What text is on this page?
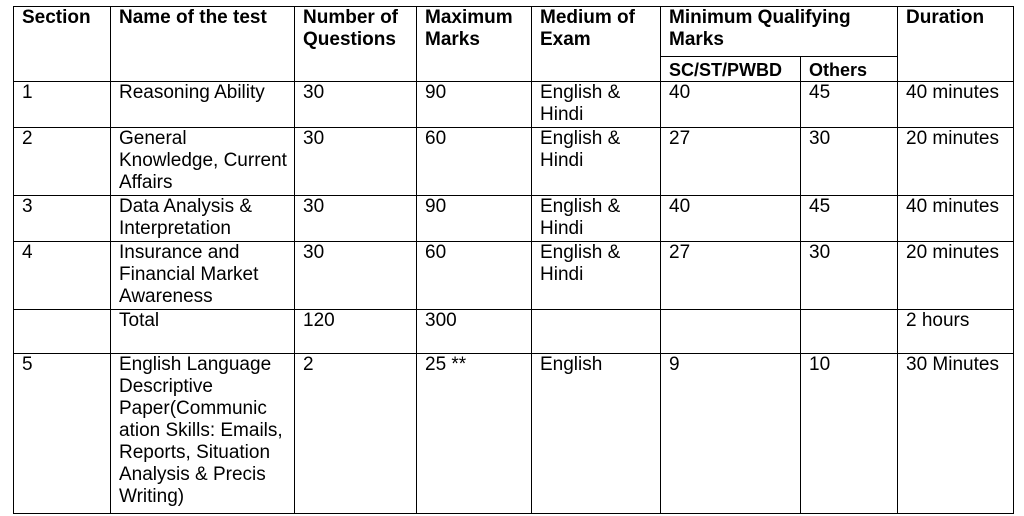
Section	Name of the test	Number of Questions	Maximum Marks	Medium of Exam	Minimum Qualifying Marks		Duration
					SC/ST/PWBD	Others	
1	Reasoning Ability	30	90	English & Hindi	40	45	40 minutes
2	General Knowledge, Current Affairs	30	60	English & Hindi	27	30	20 minutes
3	Data Analysis & Interpretation	30	90	English & Hindi	40	45	40 minutes
4	Insurance and Financial Market Awareness	30	60	English & Hindi	27	30	20 minutes
	Total	120	300				2 hours
5	English Language Descriptive Paper(Communic ation Skills: Emails, Reports, Situation Analysis & Precis Writing)	2	25 **	English	9	10	30 Minutes
